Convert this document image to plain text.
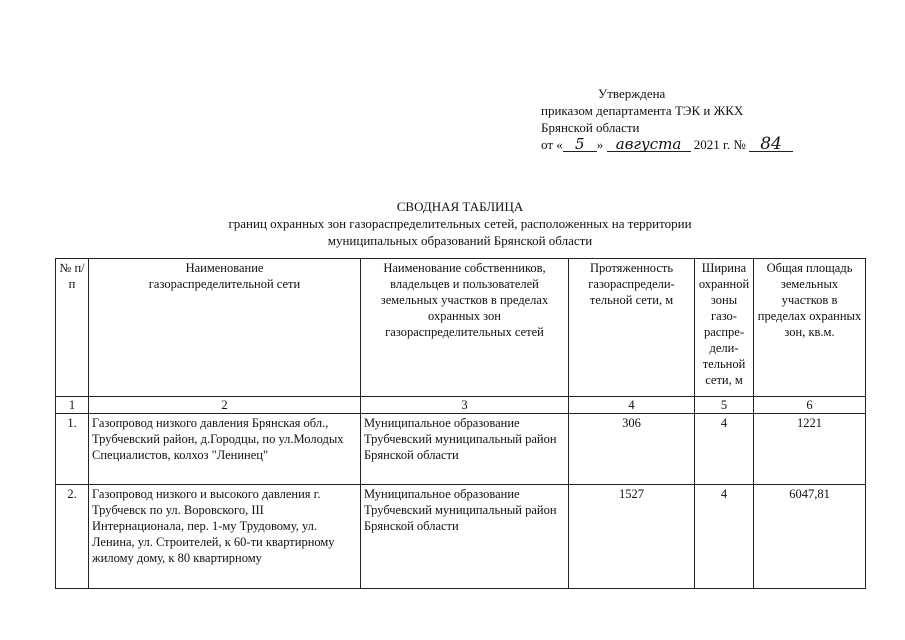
Утверждена
приказом департамента ТЭК и ЖКХ
Брянской области
от « 5 » августа 2021 г. № 84
СВОДНАЯ ТАБЛИЦА
границ охранных зон газораспределительных сетей, расположенных на территории
муниципальных образований Брянской области
№ п/п	Наименование газораспределительной сети	Наименование собственников, владельцев и пользователей земельных участков в пределах охранных зон газораспределительных сетей	Протяженность газораспредели-тельной сети, м	Ширина охранной зоны газо-распре-дели-тельной сети, м	Общая площадь земельных участков в пределах охранных зон, кв.м.
1	2	3	4	5	6
1.	Газопровод низкого давления Брянская обл., Трубчевский район, д.Городцы, по ул.Молодых Специалистов, колхоз "Ленинец"	Муниципальное образование Трубчевский муниципальный район Брянской области	306	4	1221
2.	Газопровод низкого и высокого давления г. Трубчевск по ул. Воровского, III Интернационала, пер. 1-му Трудовому, ул. Ленина, ул. Строителей, к 60-ти квартирному жилому дому, к 80 квартирному	Муниципальное образование Трубчевский муниципальный район Брянской области	1527	4	6047,81
